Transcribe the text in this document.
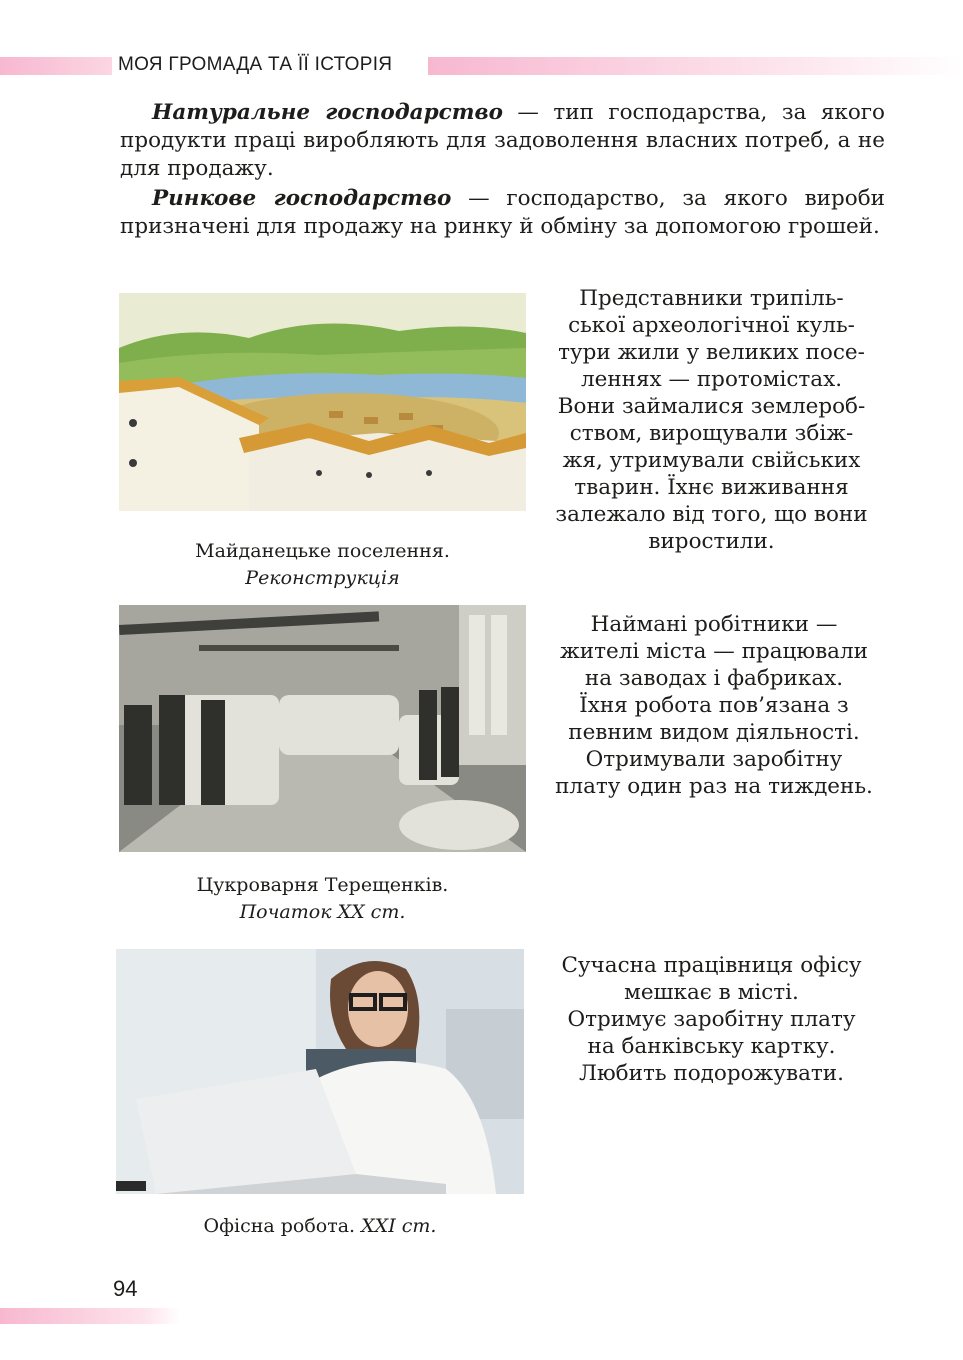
МОЯ ГРОМАДА ТА ЇЇ ІСТОРІЯ

Натуральне господарство — тип господарства, за якого продукти праці виробляють для задоволення власних потреб, а не для продажу.

Ринкове господарство — господарство, за якого вироби призначені для продажу на ринку й обміну за допомогою грошей.

Майданецьке поселення.
Реконструкція
Представники трипіль-
ської археологічної куль-
тури жили у великих посе-
леннях — протомістах.
Вони займалися землероб-
ством, вирощували збіж-
жя, утримували свійських
тварин. Їхнє виживання
залежало від того, що вони
виростили.
Цукроварня Терещенків.
Початок XX ст.
Наймані робітники —
жителі міста — працювали
на заводах і фабриках.
Їхня робота пов’язана з
певним видом діяльності.
Отримували заробітну
плату один раз на тиждень.
Офісна робота. XXI ст.
Сучасна працівниця офісу
мешкає в місті.
Отримує заробітну плату
на банківську картку.
Любить подорожувати.
94
